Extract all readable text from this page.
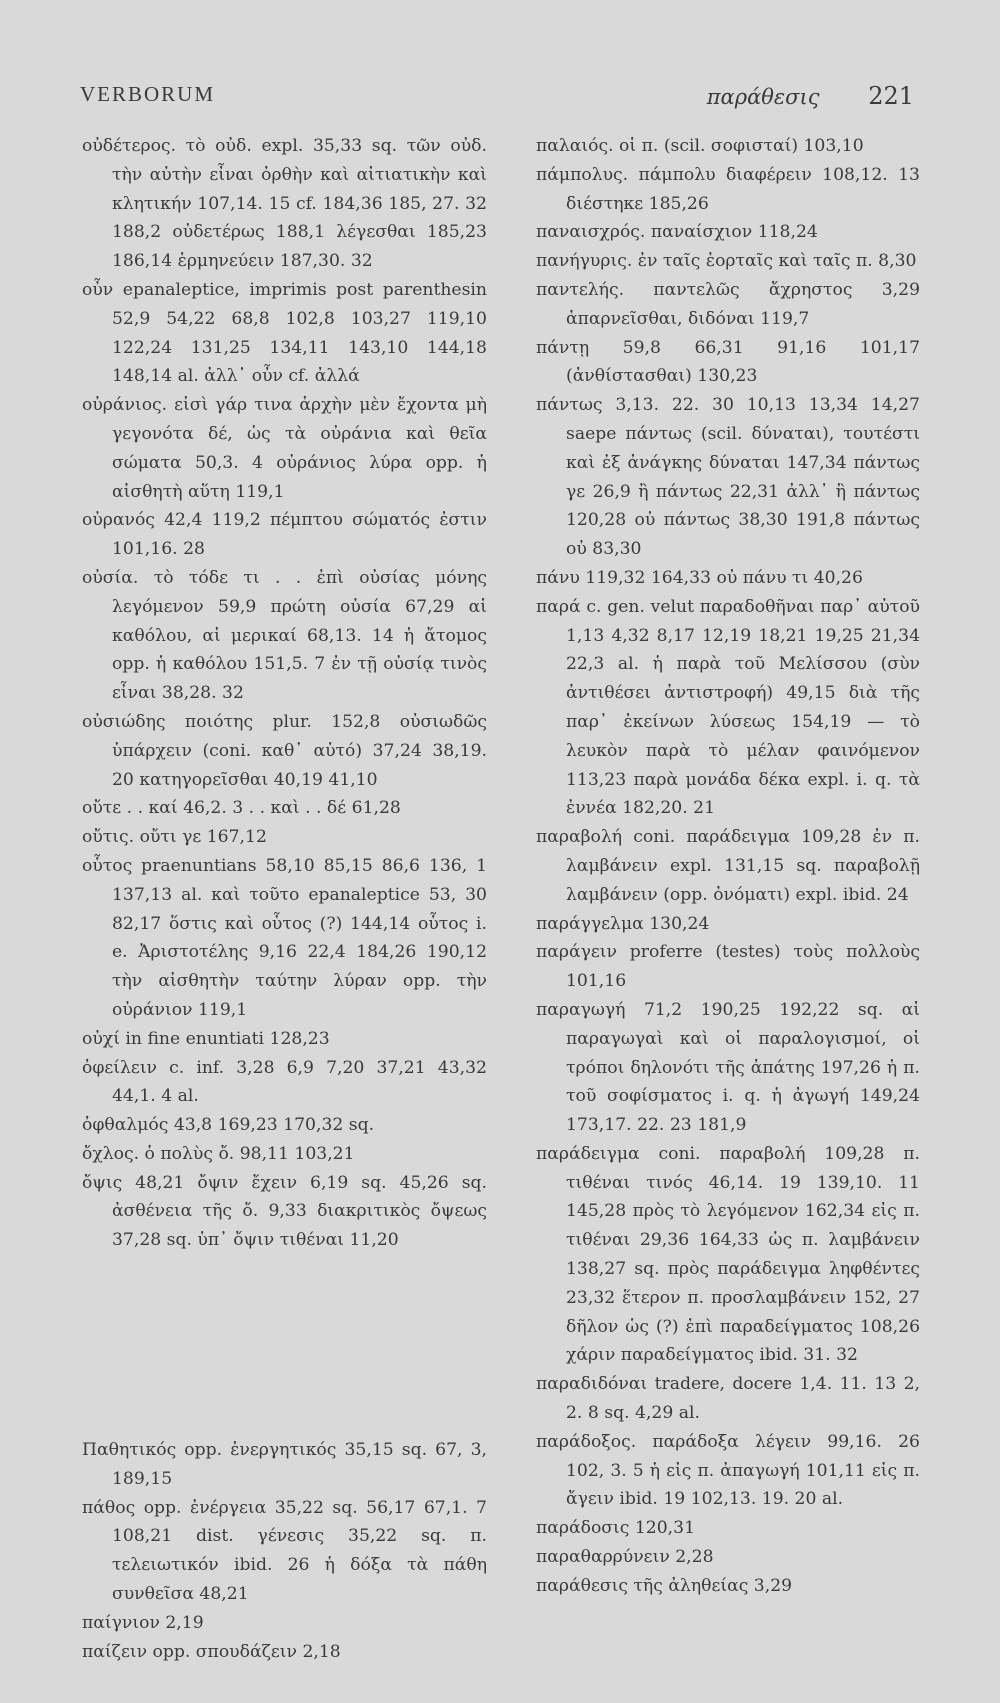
VERBORUM	παράθεσις 221

οὐδέτερος. τὸ οὐδ. expl. 35,33 sq. τῶν οὐδ. τὴν αὐτὴν εἶναι ὀρθὴν καὶ αἰτιατικὴν καὶ κλητικήν 107,14. 15 cf. 184,36 185, 27. 32 188,2 οὐδετέρως 188,1 λέγεσθαι 185,23 186,14 ἑρμηνεύειν 187,30. 32

οὖν epanaleptice, imprimis post parenthesin 52,9 54,22 68,8 102,8 103,27 119,10 122,24 131,25 134,11 143,10 144,18 148,14 al. ἀλλ᾽ οὖν cf. ἀλλά

οὐράνιος. εἰσὶ γάρ τινα ἀρχὴν μὲν ἔχοντα μὴ γεγονότα δέ, ὡς τὰ οὐράνια καὶ θεῖα σώματα 50,3. 4 οὐράνιος λύρα opp. ἡ αἰσθητὴ αὕτη 119,1

οὐρανός 42,4 119,2 πέμπτου σώματός ἐστιν 101,16. 28

οὐσία. τὸ τόδε τι . . ἐπὶ οὐσίας μόνης λεγόμενον 59,9 πρώτη οὐσία 67,29 αἱ καθόλου, αἱ μερικαί 68,13. 14 ἡ ἄτομος opp. ἡ καθόλου 151,5. 7 ἐν τῇ οὐσίᾳ τινὸς εἶναι 38,28. 32

οὐσιώδης ποιότης plur. 152,8 οὐσιωδῶς ὑπάρχειν (coni. καθ᾽ αὐτό) 37,24 38,19. 20 κατηγορεῖσθαι 40,19 41,10

οὔτε . . καί 46,2. 3 . . καὶ . . δέ 61,28

οὔτις. οὔτι γε 167,12

οὗτος praenuntians 58,10 85,15 86,6 136, 1 137,13 al. καὶ τοῦτο epanaleptice 53, 30 82,17 ὅστις καὶ οὗτος (?) 144,14 οὗτος i. e. Ἀριστοτέλης 9,16 22,4 184,26 190,12 τὴν αἰσθητὴν ταύτην λύραν opp. τὴν οὐράνιον 119,1

οὐχί in fine enuntiati 128,23

ὀφείλειν c. inf. 3,28 6,9 7,20 37,21 43,32 44,1. 4 al.

ὀφθαλμός 43,8 169,23 170,32 sq.

ὄχλος. ὁ πολὺς ὄ. 98,11 103,21

ὄψις 48,21 ὄψιν ἔχειν 6,19 sq. 45,26 sq. ἀσθένεια τῆς ὄ. 9,33 διακριτικὸς ὄψεως 37,28 sq. ὑπ᾽ ὄψιν τιθέναι 11,20

Παθητικός opp. ἐνεργητικός 35,15 sq. 67, 3, 189,15

πάθος opp. ἐνέργεια 35,22 sq. 56,17 67,1. 7 108,21 dist. γένεσις 35,22 sq. π. τελειωτικόν ibid. 26 ἡ δόξα τὰ πάθη συνθεῖσα 48,21

παίγνιον 2,19

παίζειν opp. σπουδάζειν 2,18

παλαιός. οἱ π. (scil. σοφισταί) 103,10

πάμπολυς. πάμπολυ διαφέρειν 108,12. 13 διέστηκε 185,26

παναισχρός. παναίσχιον 118,24

πανήγυρις. ἐν ταῖς ἑορταῖς καὶ ταῖς π. 8,30

παντελής. παντελῶς ἄχρηστος 3,29 ἀπαρνεῖσθαι, διδόναι 119,7

πάντῃ 59,8 66,31 91,16 101,17 (ἀνθίστασθαι) 130,23

πάντως 3,13. 22. 30 10,13 13,34 14,27 saepe πάντως (scil. δύναται), τουτέστι καὶ ἐξ ἀνάγκης δύναται 147,34 πάντως γε 26,9 ἢ πάντως 22,31 ἀλλ᾽ ἢ πάντως 120,28 οὐ πάντως 38,30 191,8 πάντως οὐ 83,30

πάνυ 119,32 164,33 οὐ πάνυ τι 40,26

παρά c. gen. velut παραδοθῆναι παρ᾽ αὐτοῦ 1,13 4,32 8,17 12,19 18,21 19,25 21,34 22,3 al. ἡ παρὰ τοῦ Μελίσσου (σὺν ἀντιθέσει ἀντιστροφή) 49,15 διὰ τῆς παρ᾽ ἐκείνων λύσεως 154,19 — τὸ λευκὸν παρὰ τὸ μέλαν φαινόμενον 113,23 παρὰ μονάδα δέκα expl. i. q. τὰ ἐννέα 182,20. 21

παραβολή coni. παράδειγμα 109,28 ἐν π. λαμβάνειν expl. 131,15 sq. παραβολῇ λαμβάνειν (opp. ὀνόματι) expl. ibid. 24

παράγγελμα 130,24

παράγειν proferre (testes) τοὺς πολλοὺς 101,16

παραγωγή 71,2 190,25 192,22 sq. αἱ παραγωγαὶ καὶ οἱ παραλογισμοί, οἱ τρόποι δηλονότι τῆς ἀπάτης 197,26 ἡ π. τοῦ σοφίσματος i. q. ἡ ἀγωγή 149,24 173,17. 22. 23 181,9

παράδειγμα coni. παραβολή 109,28 π. τιθέναι τινός 46,14. 19 139,10. 11 145,28 πρὸς τὸ λεγόμενον 162,34 εἰς π. τιθέναι 29,36 164,33 ὡς π. λαμβάνειν 138,27 sq. πρὸς παράδειγμα ληφθέντες 23,32 ἕτερον π. προσλαμβάνειν 152, 27 δῆλον ὡς (?) ἐπὶ παραδείγματος 108,26 χάριν παραδείγματος ibid. 31. 32

παραδιδόναι tradere, docere 1,4. 11. 13 2, 2. 8 sq. 4,29 al.

παράδοξος. παράδοξα λέγειν 99,16. 26 102, 3. 5 ἡ εἰς π. ἀπαγωγή 101,11 εἰς π. ἄγειν ibid. 19 102,13. 19. 20 al.

παράδοσις 120,31

παραθαρρύνειν 2,28

παράθεσις τῆς ἀληθείας 3,29
